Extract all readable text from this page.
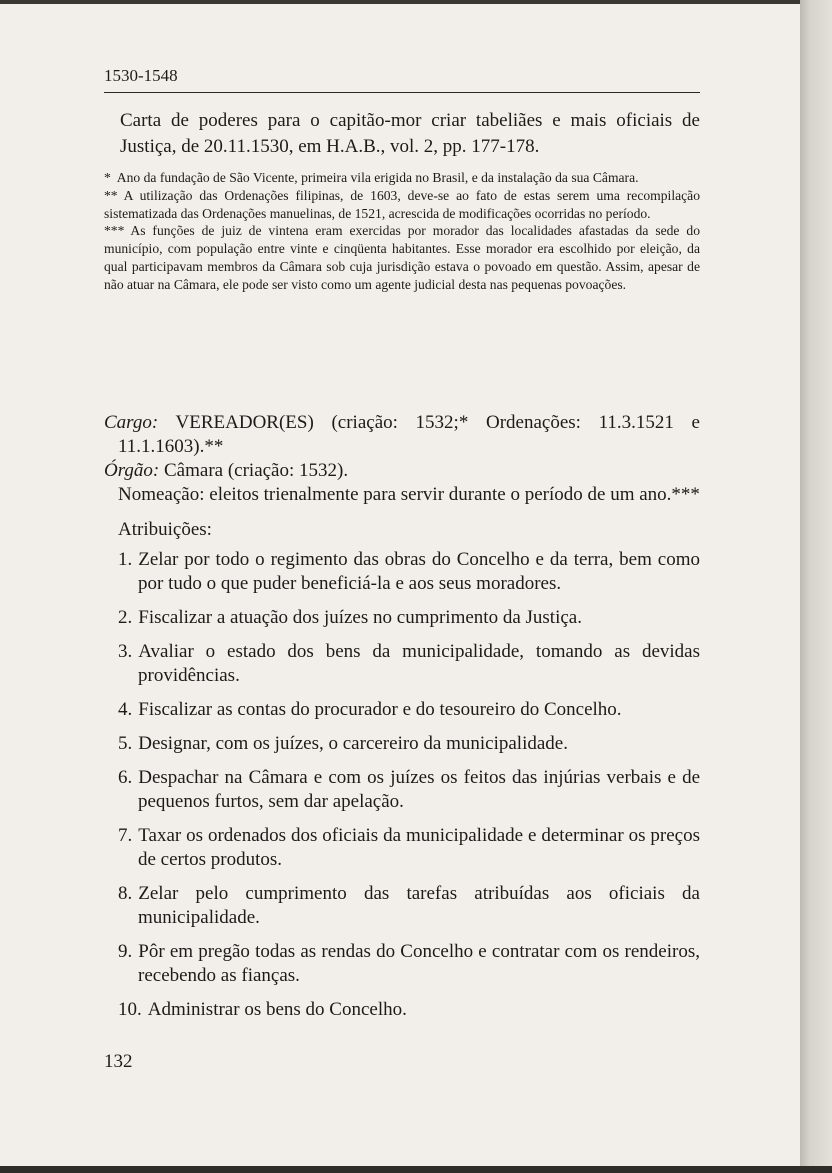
1530-1548

Carta de poderes para o capitão-mor criar tabeliães e mais oficiais de Justiça, de 20.11.1530, em H.A.B., vol. 2, pp. 177-178.

* Ano da fundação de São Vicente, primeira vila erigida no Brasil, e da instalação da sua Câmara.

** A utilização das Ordenações filipinas, de 1603, deve-se ao fato de estas serem uma recompilação sistematizada das Ordenações manuelinas, de 1521, acrescida de modificações ocorridas no período.

*** As funções de juiz de vintena eram exercidas por morador das localidades afastadas da sede do município, com população entre vinte e cinqüenta habitantes. Esse morador era escolhido por eleição, da qual participavam membros da Câmara sob cuja jurisdição estava o povoado em questão. Assim, apesar de não atuar na Câmara, ele pode ser visto como um agente judicial desta nas pequenas povoações.

Cargo: VEREADOR(ES) (criação: 1532;* Ordenações: 11.3.1521 e 11.1.1603).**

Órgão: Câmara (criação: 1532).

Nomeação: eleitos trienalmente para servir durante o período de um ano.***

Atribuições:

1. Zelar por todo o regimento das obras do Concelho e da terra, bem como por tudo o que puder beneficiá-la e aos seus moradores.
2. Fiscalizar a atuação dos juízes no cumprimento da Justiça.
3. Avaliar o estado dos bens da municipalidade, tomando as devidas providências.
4. Fiscalizar as contas do procurador e do tesoureiro do Concelho.
5. Designar, com os juízes, o carcereiro da municipalidade.
6. Despachar na Câmara e com os juízes os feitos das injúrias verbais e de pequenos furtos, sem dar apelação.
7. Taxar os ordenados dos oficiais da municipalidade e determinar os preços de certos produtos.
8. Zelar pelo cumprimento das tarefas atribuídas aos oficiais da municipalidade.
9. Pôr em pregão todas as rendas do Concelho e contratar com os rendeiros, recebendo as fianças.
10. Administrar os bens do Concelho.
132
